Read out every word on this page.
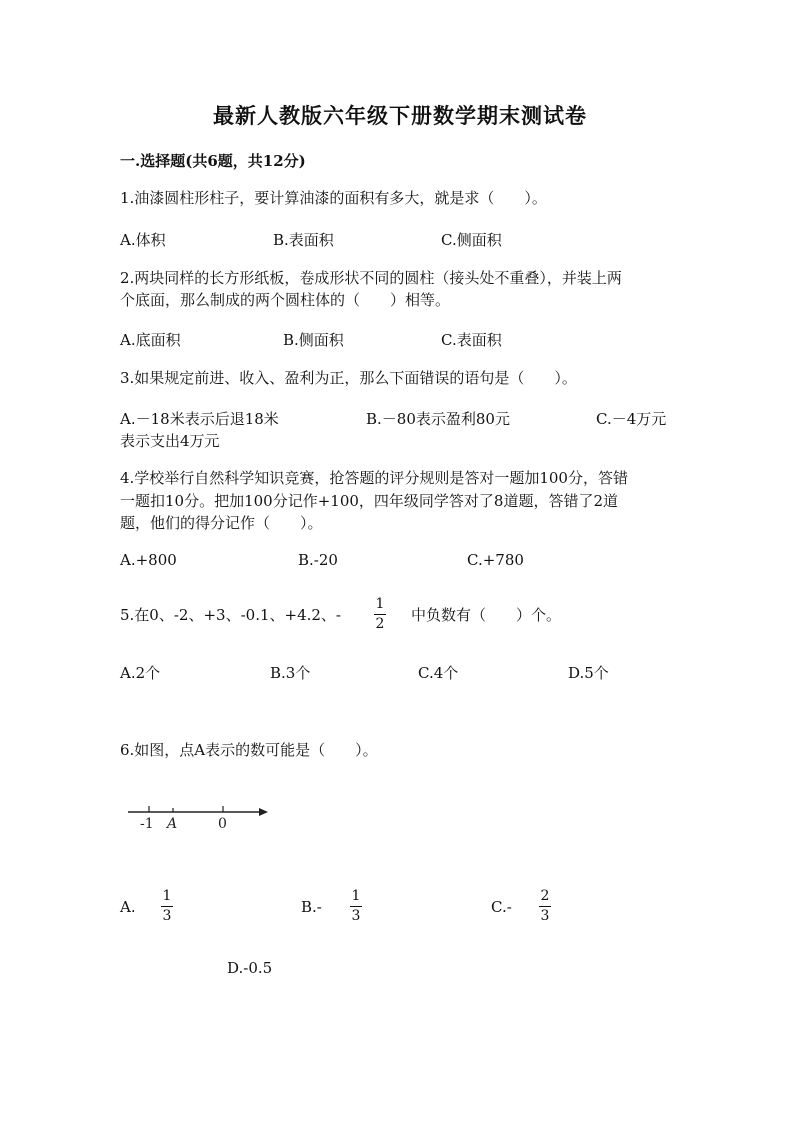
最新人教版六年级下册数学期末测试卷
一.选择题(共6题，共12分)
1.油漆圆柱形柱子，要计算油漆的面积有多大，就是求（　　）。
A.体积	B.表面积	C.侧面积
2.两块同样的长方形纸板，卷成形状不同的圆柱（接头处不重叠），并装上两
个底面，那么制成的两个圆柱体的（　　）相等。
A.底面积	B.侧面积	C.表面积
3.如果规定前进、收入、盈利为正，那么下面错误的语句是（　　）。
A.－18米表示后退18米	B.－80表示盈利80元	C.－4万元
表示支出4万元
4.学校举行自然科学知识竞赛，抢答题的评分规则是答对一题加100分，答错
一题扣10分。把加100分记作+100，四年级同学答对了8道题，答错了2道
题，他们的得分记作（　　）。
A.+800	B.-20	C.+780
5.在0、-2、+3、-0.1、+4.2、-
1
2 中负数有（　　）个。
A.2个	B.3个	C.4个	D.5个
6.如图，点A表示的数可能是（　　）。
-1 A	0
A.
1
3	B.-
1
3	C.-
2
3
D.-0.5
